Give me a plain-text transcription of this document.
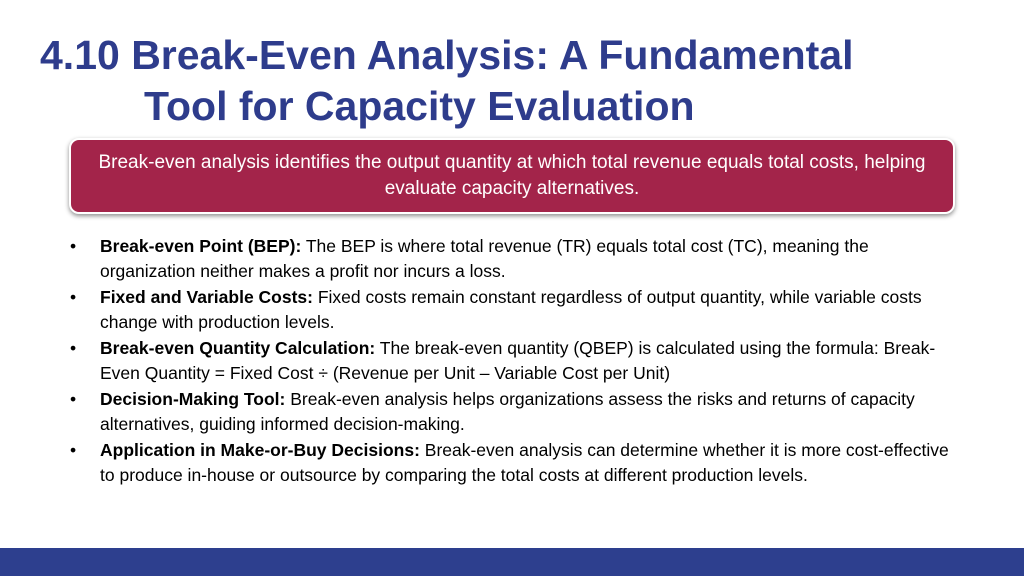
4.10 Break-Even Analysis: A Fundamental
Tool for Capacity Evaluation
Break-even analysis identifies the output quantity at which total revenue equals total costs, helping evaluate capacity alternatives.
• Break-even Point (BEP): The BEP is where total revenue (TR) equals total cost (TC), meaning the organization neither makes a profit nor incurs a loss.
• Fixed and Variable Costs: Fixed costs remain constant regardless of output quantity, while variable costs change with production levels.
• Break-even Quantity Calculation: The break-even quantity (QBEP) is calculated using the formula: Break-Even Quantity = Fixed Cost ÷ (Revenue per Unit – Variable Cost per Unit)
• Decision-Making Tool: Break-even analysis helps organizations assess the risks and returns of capacity alternatives, guiding informed decision-making.
• Application in Make-or-Buy Decisions: Break-even analysis can determine whether it is more cost-effective to produce in-house or outsource by comparing the total costs at different production levels.
